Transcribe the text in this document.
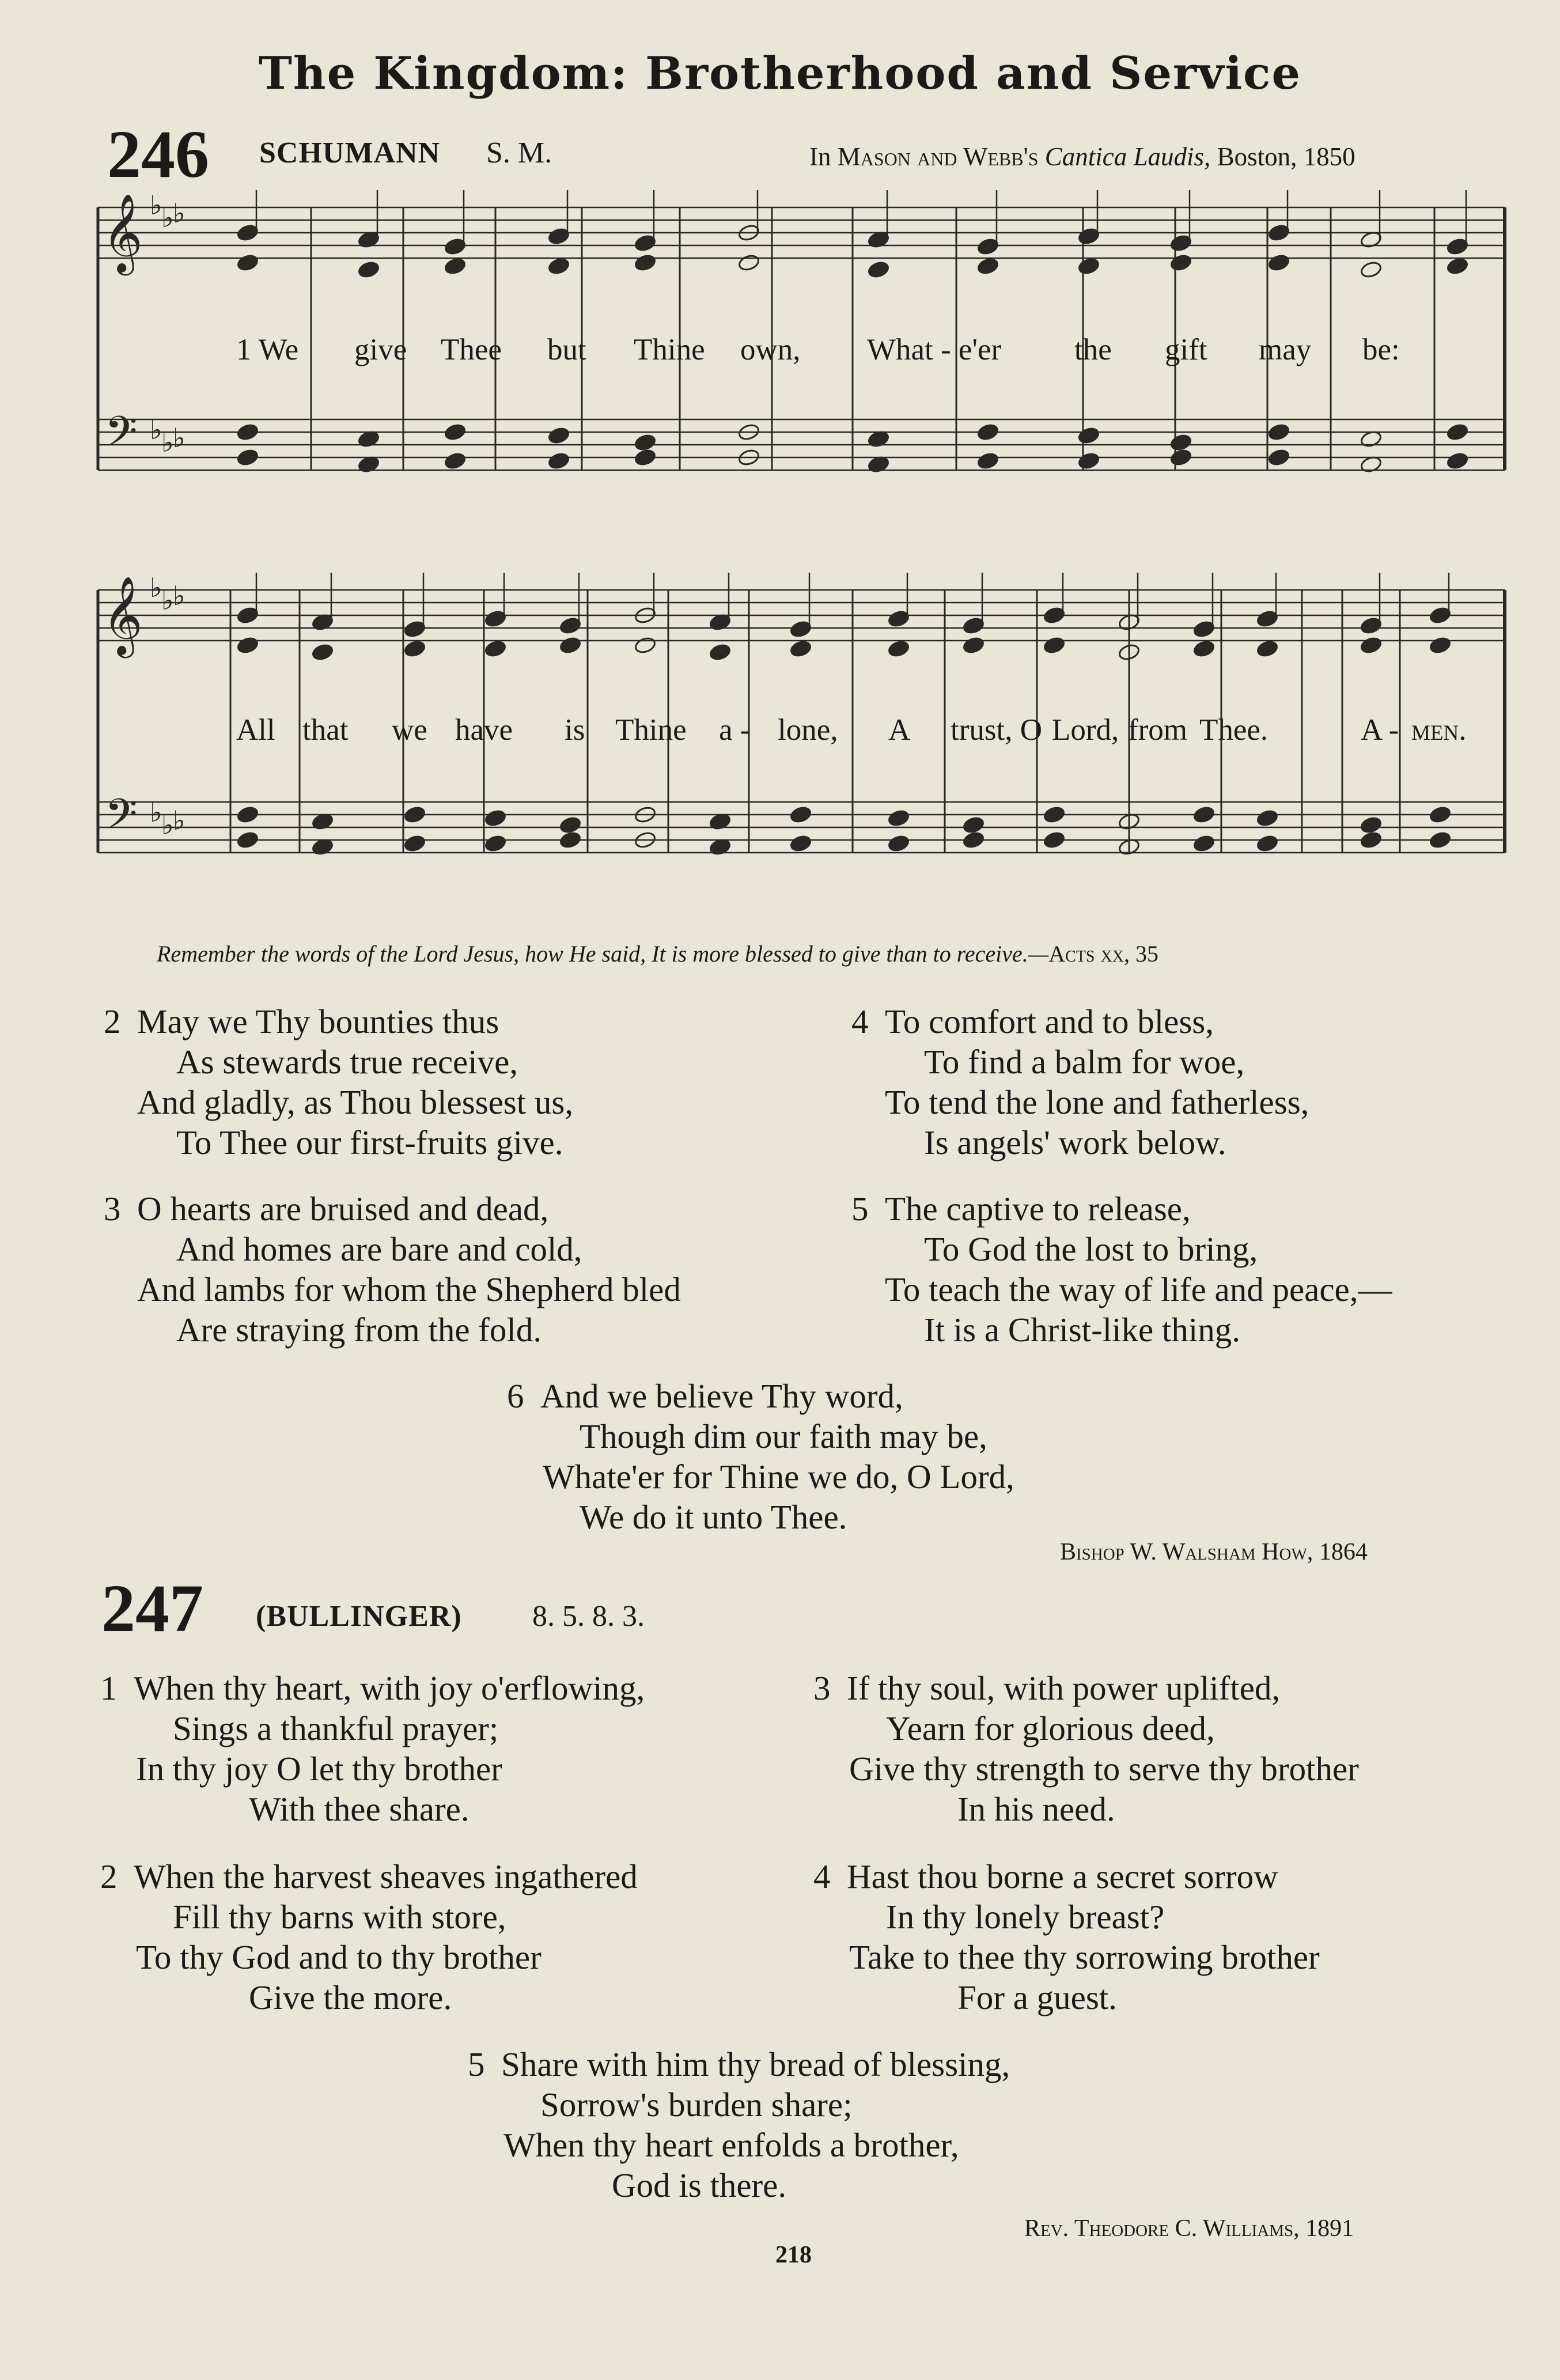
The Kingdom: Brotherhood and Service
246 SCHUMANN S. M.	In Mason and Webb's Cantica Laudis, Boston, 1850
𝄞
𝄢
♭
♭
♭
♭
♭
♭
𝄞
𝄢
♭
♭
♭
♭
♭
♭
1 We give Thee but Thine own, What - e'er the gift may be:
All that we have is Thine a - lone, A trust, O Lord, from Thee.	A - men.
Remember the words of the Lord Jesus, how He said, It is more blessed to give than to receive.—Acts xx, 35
2 May we Thy bounties thus
As stewards true receive,
And gladly, as Thou blessest us,
To Thee our first-fruits give.
3 O hearts are bruised and dead,
And homes are bare and cold,
And lambs for whom the Shepherd bled
Are straying from the fold.
4 To comfort and to bless,
To find a balm for woe,
To tend the lone and fatherless,
Is angels' work below.
5 The captive to release,
To God the lost to bring,
To teach the way of life and peace,—
It is a Christ-like thing.
6 And we believe Thy word,
Though dim our faith may be,
Whate'er for Thine we do, O Lord,
We do it unto Thee.
Bishop W. Walsham How, 1864
247 (BULLINGER) 8. 5. 8. 3.
1 When thy heart, with joy o'erflowing,
Sings a thankful prayer;
In thy joy O let thy brother
With thee share.
2 When the harvest sheaves ingathered
Fill thy barns with store,
To thy God and to thy brother
Give the more.
3 If thy soul, with power uplifted,
Yearn for glorious deed,
Give thy strength to serve thy brother
In his need.
4 Hast thou borne a secret sorrow
In thy lonely breast?
Take to thee thy sorrowing brother
For a guest.
5 Share with him thy bread of blessing,
Sorrow's burden share;
When thy heart enfolds a brother,
God is there.
Rev. Theodore C. Williams, 1891
218
